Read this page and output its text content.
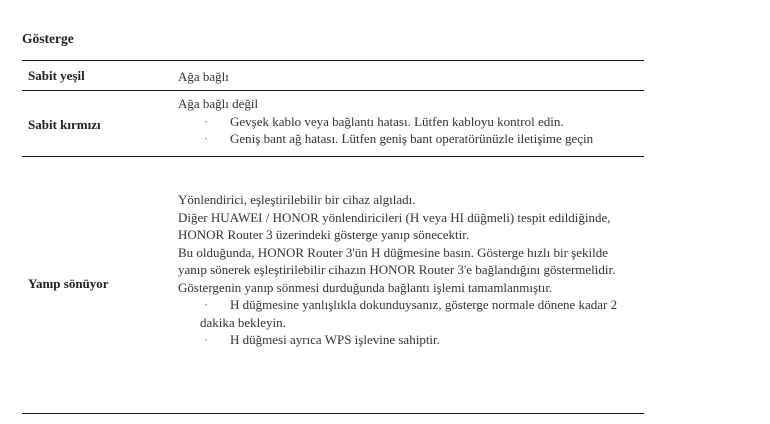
Gösterge
Sabit yeşil	Ağa bağlı
Sabit kırmızı
Ağa bağlı değil
· Gevşek kablo veya bağlantı hatası. Lütfen kabloyu kontrol edin.
· Geniş bant ağ hatası. Lütfen geniş bant operatörünüzle iletişime geçin
Yanıp sönüyor
Yönlendirici, eşleştirilebilir bir cihaz algıladı.
Diğer HUAWEI / HONOR yönlendiricileri (H veya HI düğmeli) tespit edildiğinde, HONOR Router 3 üzerindeki gösterge yanıp sönecektir.
Bu olduğunda, HONOR Router 3'ün H düğmesine basın. Gösterge hızlı bir şekilde yanıp sönerek eşleştirilebilir cihazın HONOR Router 3'e bağlandığını göstermelidir. Göstergenin yanıp sönmesi durduğunda bağlantı işlemi tamamlanmıştır.
· H düğmesine yanlışlıkla dokunduysanız, gösterge normale dönene kadar 2 dakika bekleyin.
· H düğmesi ayrıca WPS işlevine sahiptir.
